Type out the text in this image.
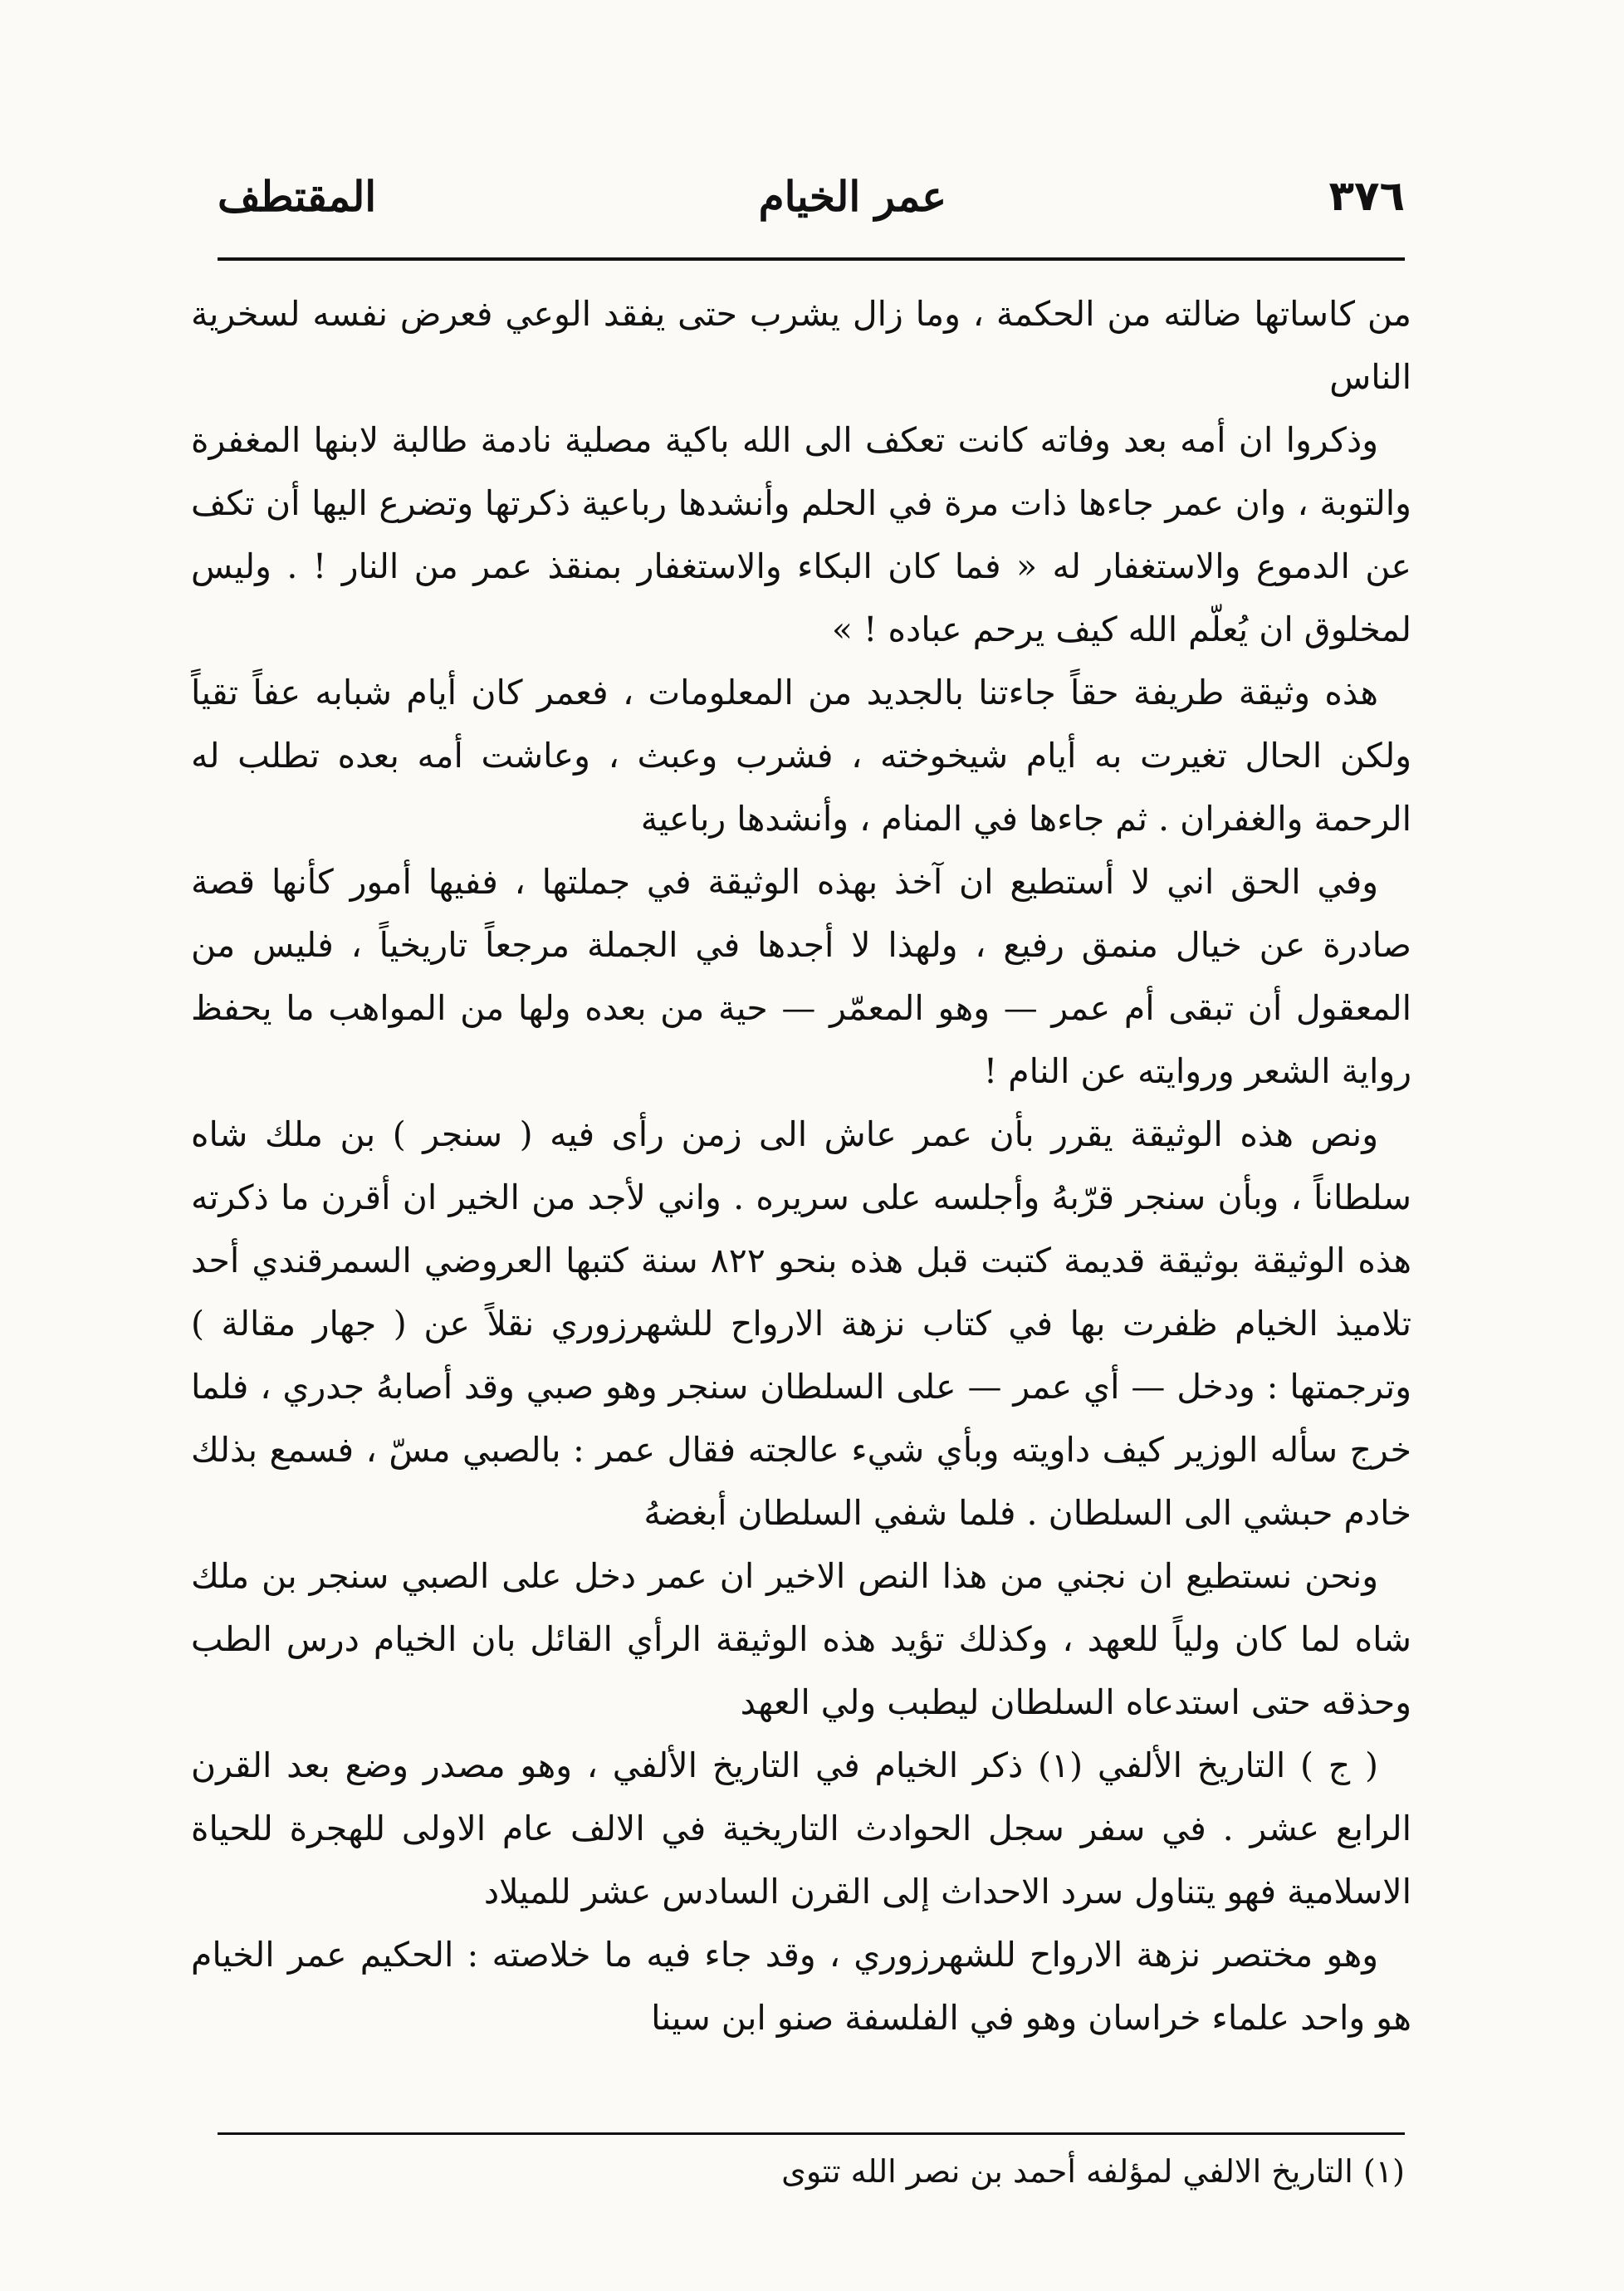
٣٧٦
عمر الخيام
المقتطف

من كاساتها ضالته من الحكمة ، وما زال يشرب حتى يفقد الوعي فعرض نفسه لسخرية الناس

وذكروا ان أمه بعد وفاته كانت تعكف الى الله باكية مصلية نادمة طالبة لابنها المغفرة والتوبة ، وان عمر جاءها ذات مرة في الحلم وأنشدها رباعية ذكرتها وتضرع اليها أن تكف عن الدموع والاستغفار له « فما كان البكاء والاستغفار بمنقذ عمر من النار ! . وليس لمخلوق ان يُعلّم الله كيف يرحم عباده ! »

هذه وثيقة طريفة حقاً جاءتنا بالجديد من المعلومات ، فعمر كان أيام شبابه عفاً تقياً ولكن الحال تغيرت به أيام شيخوخته ، فشرب وعبث ، وعاشت أمه بعده تطلب له الرحمة والغفران . ثم جاءها في المنام ، وأنشدها رباعية

وفي الحق اني لا أستطيع ان آخذ بهذه الوثيقة في جملتها ، ففيها أمور كأنها قصة صادرة عن خيال منمق رفيع ، ولهذا لا أجدها في الجملة مرجعاً تاريخياً ، فليس من المعقول أن تبقى أم عمر — وهو المعمّر — حية من بعده ولها من المواهب ما يحفظ رواية الشعر وروايته عن النام !

ونص هذه الوثيقة يقرر بأن عمر عاش الى زمن رأى فيه ( سنجر ) بن ملك شاه سلطاناً ، وبأن سنجر قرّبهُ وأجلسه على سريره . واني لأجد من الخير ان أقرن ما ذكرته هذه الوثيقة بوثيقة قديمة كتبت قبل هذه بنحو ٨٢٢ سنة كتبها العروضي السمرقندي أحد تلاميذ الخيام ظفرت بها في كتاب نزهة الارواح للشهرزوري نقلاً عن ( جهار مقالة ) وترجمتها : ودخل — أي عمر — على السلطان سنجر وهو صبي وقد أصابهُ جدري ، فلما خرج سأله الوزير كيف داويته وبأي شيء عالجته فقال عمر : بالصبي مسّ ، فسمع بذلك خادم حبشي الى السلطان . فلما شفي السلطان أبغضهُ

ونحن نستطيع ان نجني من هذا النص الاخير ان عمر دخل على الصبي سنجر بن ملك شاه لما كان ولياً للعهد ، وكذلك تؤيد هذه الوثيقة الرأي القائل بان الخيام درس الطب وحذقه حتى استدعاه السلطان ليطبب ولي العهد

( ج ) التاريخ الألفي (١) ذكر الخيام في التاريخ الألفي ، وهو مصدر وضع بعد القرن الرابع عشر . في سفر سجل الحوادث التاريخية في الالف عام الاولى للهجرة للحياة الاسلامية فهو يتناول سرد الاحداث إلى القرن السادس عشر للميلاد

وهو مختصر نزهة الارواح للشهرزوري ، وقد جاء فيه ما خلاصته : الحكيم عمر الخيام هو واحد علماء خراسان وهو في الفلسفة صنو ابن سينا

(١) التاريخ الالفي لمؤلفه أحمد بن نصر الله تتوى
